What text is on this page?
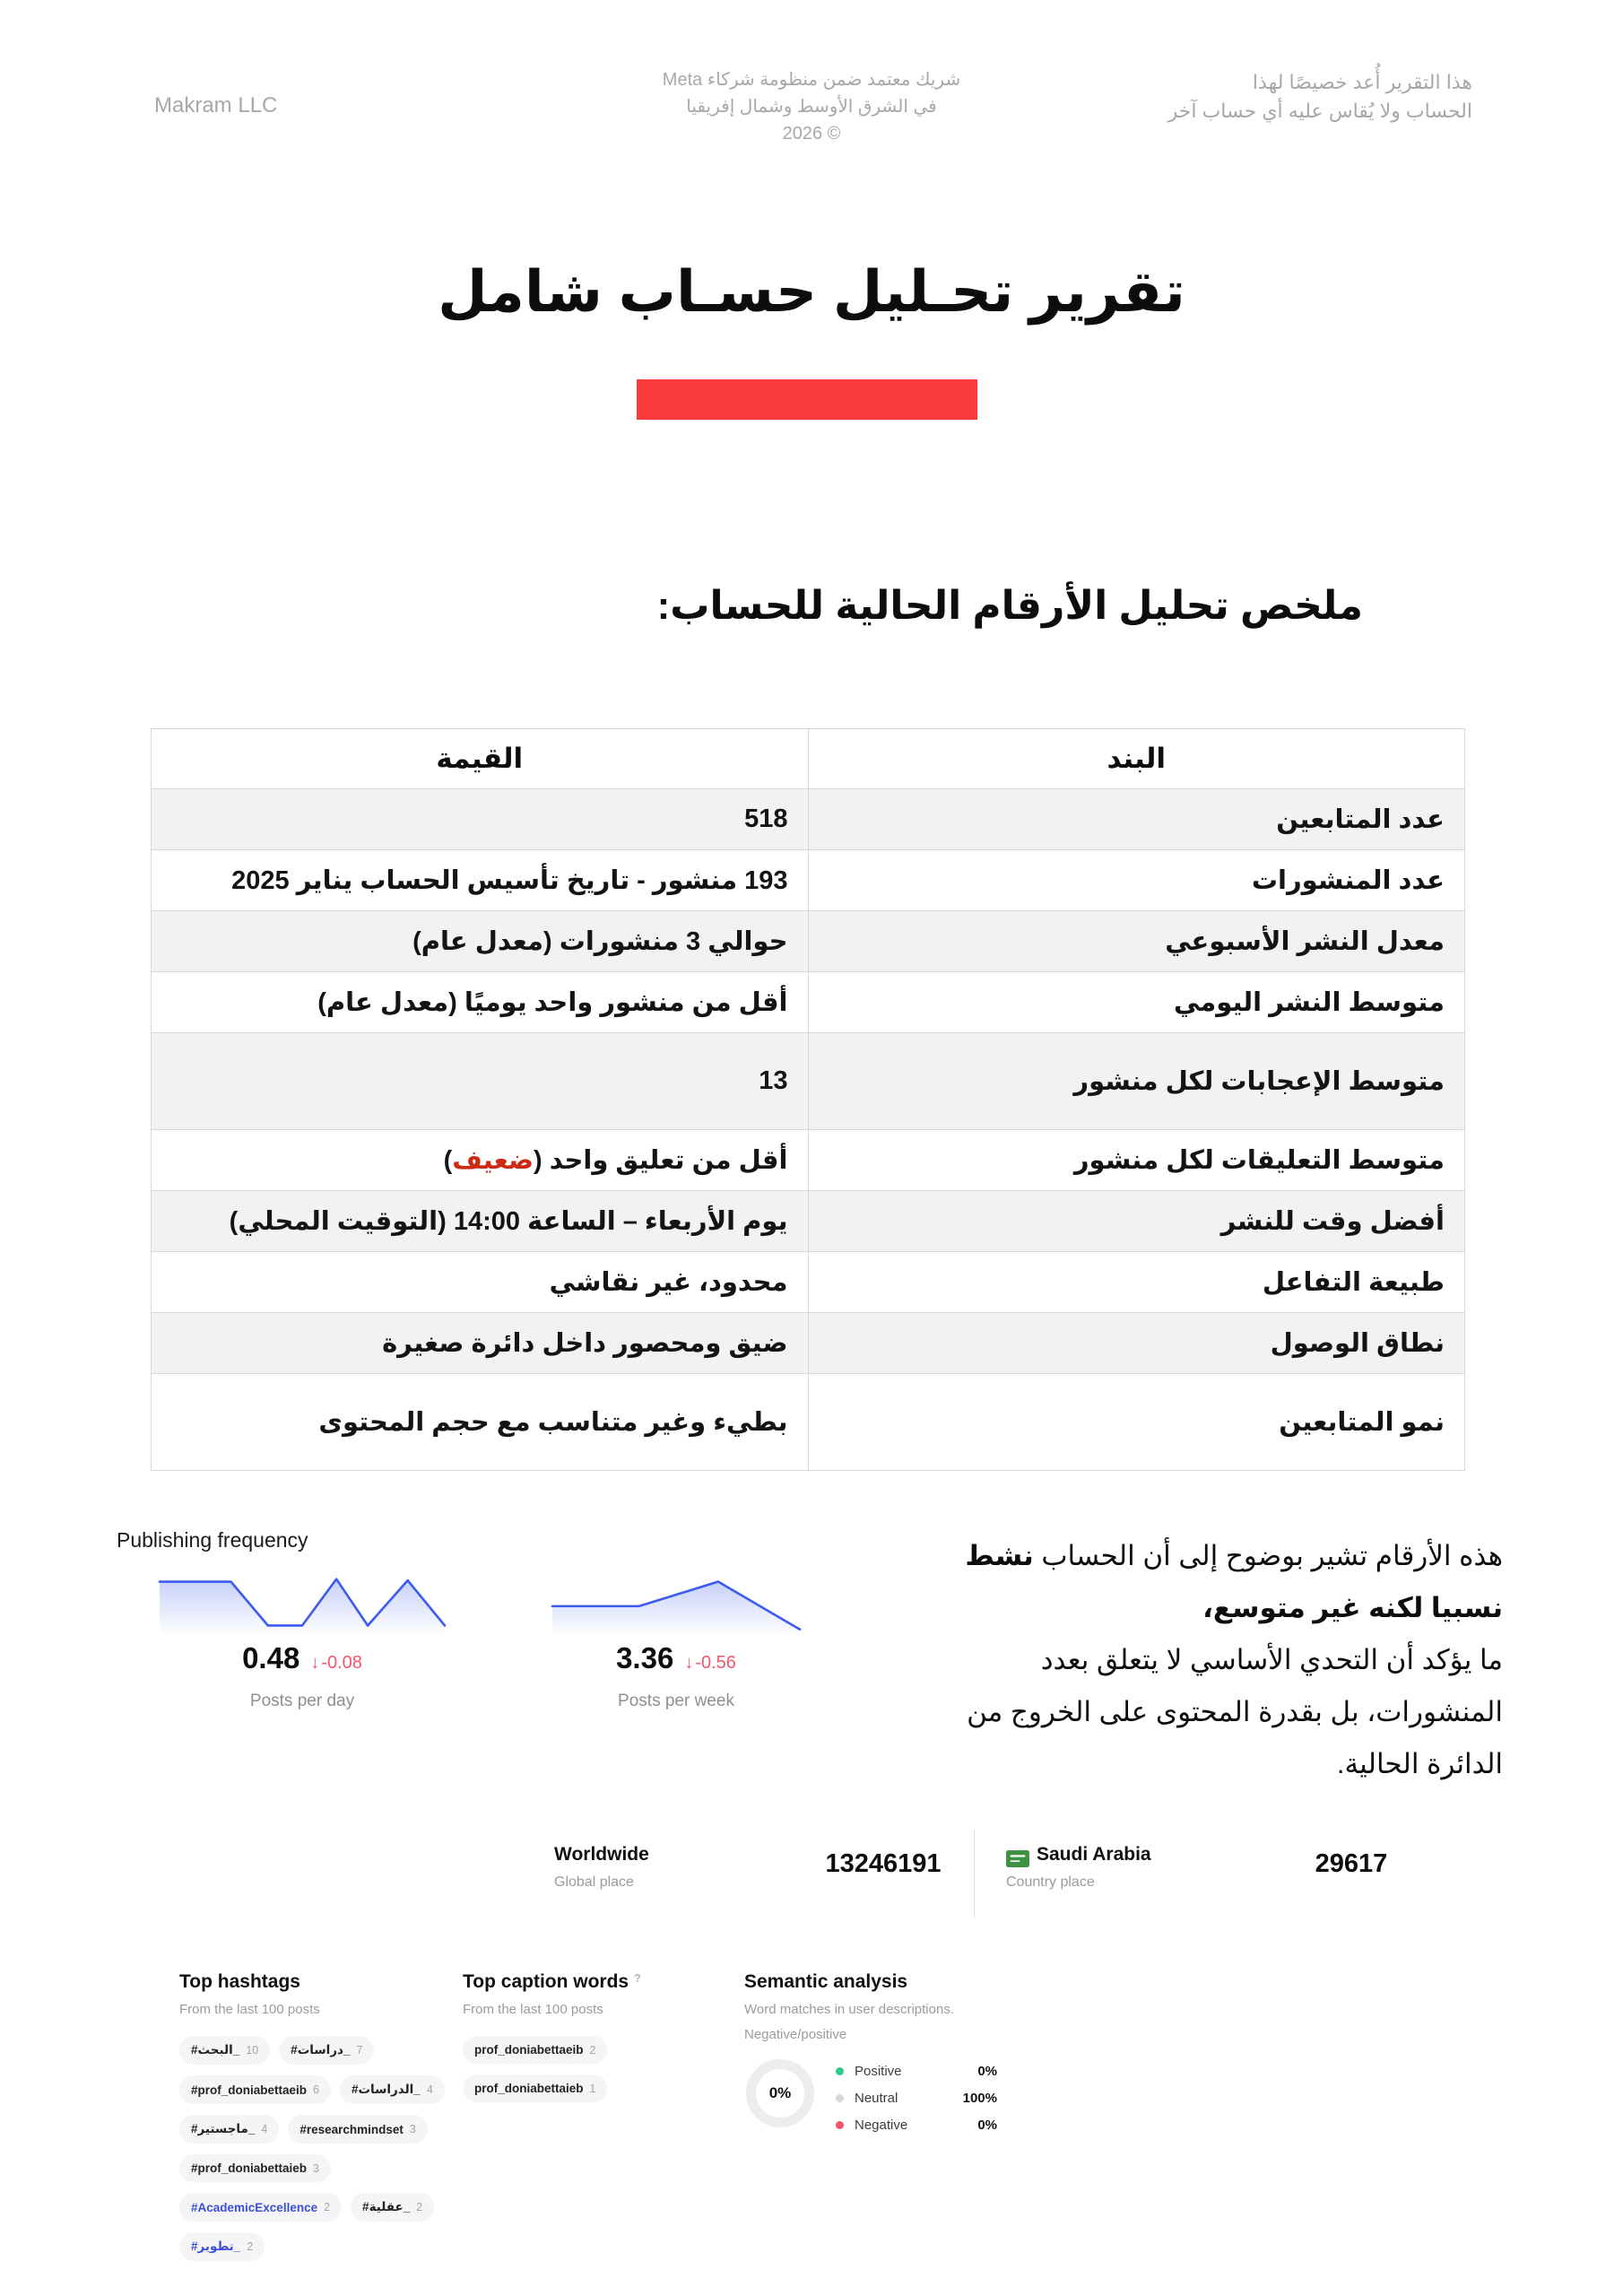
Makram LLC
شريك معتمد ضمن منظومة شركاء Meta
في الشرق الأوسط وشمال إفريقيا
2026 ©
هذا التقرير أُعد خصيصًا لهذا
الحساب ولا يُقاس عليه أي حساب آخر
تقرير تحـليل حسـاب شامل
ملخص تحليل الأرقام الحالية للحساب:
البند	القيمة
عدد المتابعين	518
عدد المنشورات	193 منشور - تاريخ تأسيس الحساب يناير 2025
معدل النشر الأسبوعي	حوالي 3 منشورات (معدل عام)
متوسط النشر اليومي	أقل من منشور واحد يوميًا (معدل عام)
متوسط الإعجابات لكل منشور	13
متوسط التعليقات لكل منشور	أقل من تعليق واحد (ضعيف)
أفضل وقت للنشر	يوم الأربعاء – الساعة 14:00 (التوقيت المحلي)
طبيعة التفاعل	محدود، غير نقاشي
نطاق الوصول	ضيق ومحصور داخل دائرة صغيرة
نمو المتابعين	بطيء وغير متناسب مع حجم المحتوى
Publishing frequency
0.48 ↓ -0.08
Posts per day
3.36 ↓ -0.56
Posts per week
هذه الأرقام تشير بوضوح إلى أن الحساب نشط
نسبيا لكنه غير متوسع،
ما يؤكد أن التحدي الأساسي لا يتعلق بعدد
المنشورات، بل بقدرة المحتوى على الخروج من
الدائرة الحالية.
Worldwide
Global place
13246191	Saudi Arabia
Country place
29617
Top hashtags
From the last 100 posts
#البحث_ 10	#دراسات_ 7
#prof_doniabettaeib 6	#الدراسات_ 4
#ماجستير_ 4	#researchmindset 3
#prof_doniabettaieb 3
#AcademicExcellence 2	#عقلية_ 2
#تطوير_ 2
Top caption words ?
From the last 100 posts
prof_doniabettaeib 2
prof_doniabettaieb 1
Semantic analysis
Word matches in user descriptions.
Negative/positive
0%
Positive	0%
Neutral	100%
Negative	0%
